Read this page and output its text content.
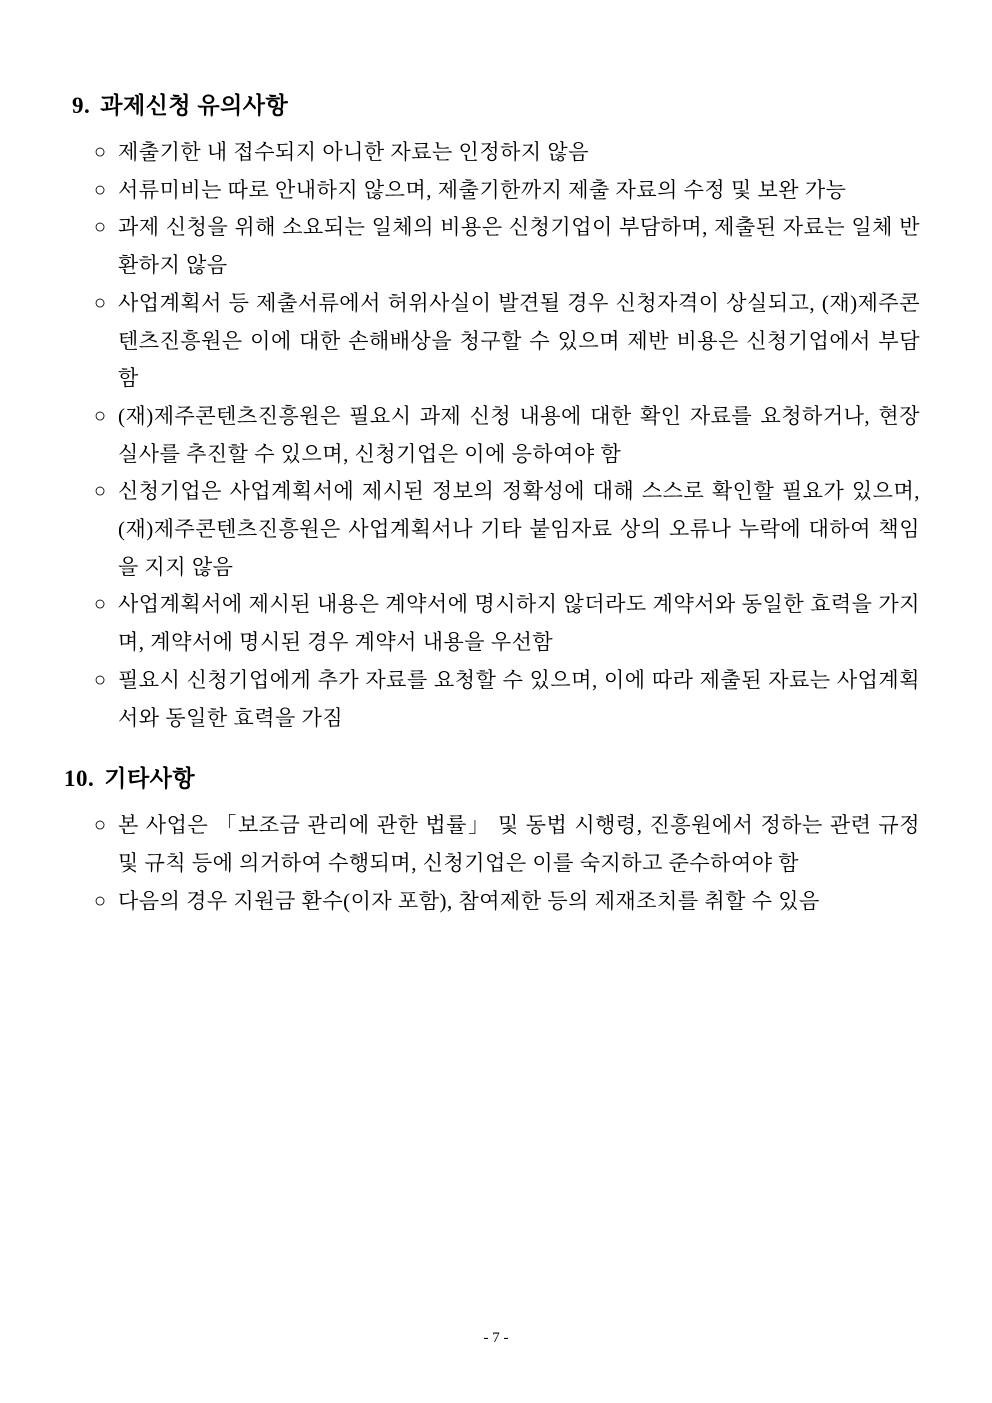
9. 과제신청 유의사항
○ 제출기한 내 접수되지 아니한 자료는 인정하지 않음

○ 서류미비는 따로 안내하지 않으며, 제출기한까지 제출 자료의 수정 및 보완 가능

○ 과제 신청을 위해 소요되는 일체의 비용은 신청기업이 부담하며, 제출된 자료는 일체 반환하지 않음

○ 사업계획서 등 제출서류에서 허위사실이 발견될 경우 신청자격이 상실되고, (재)제주콘텐츠진흥원은 이에 대한 손해배상을 청구할 수 있으며 제반 비용은 신청기업에서 부담함

○ (재)제주콘텐츠진흥원은 필요시 과제 신청 내용에 대한 확인 자료를 요청하거나, 현장 실사를 추진할 수 있으며, 신청기업은 이에 응하여야 함

○ 신청기업은 사업계획서에 제시된 정보의 정확성에 대해 스스로 확인할 필요가 있으며, (재)제주콘텐츠진흥원은 사업계획서나 기타 붙임자료 상의 오류나 누락에 대하여 책임을 지지 않음

○ 사업계획서에 제시된 내용은 계약서에 명시하지 않더라도 계약서와 동일한 효력을 가지며, 계약서에 명시된 경우 계약서 내용을 우선함

○ 필요시 신청기업에게 추가 자료를 요청할 수 있으며, 이에 따라 제출된 자료는 사업계획서와 동일한 효력을 가짐

10. 기타사항
○ 본 사업은 「보조금 관리에 관한 법률」 및 동법 시행령, 진흥원에서 정하는 관련 규정 및 규칙 등에 의거하여 수행되며, 신청기업은 이를 숙지하고 준수하여야 함

○ 다음의 경우 지원금 환수(이자 포함), 참여제한 등의 제재조치를 취할 수 있음

- 7 -
